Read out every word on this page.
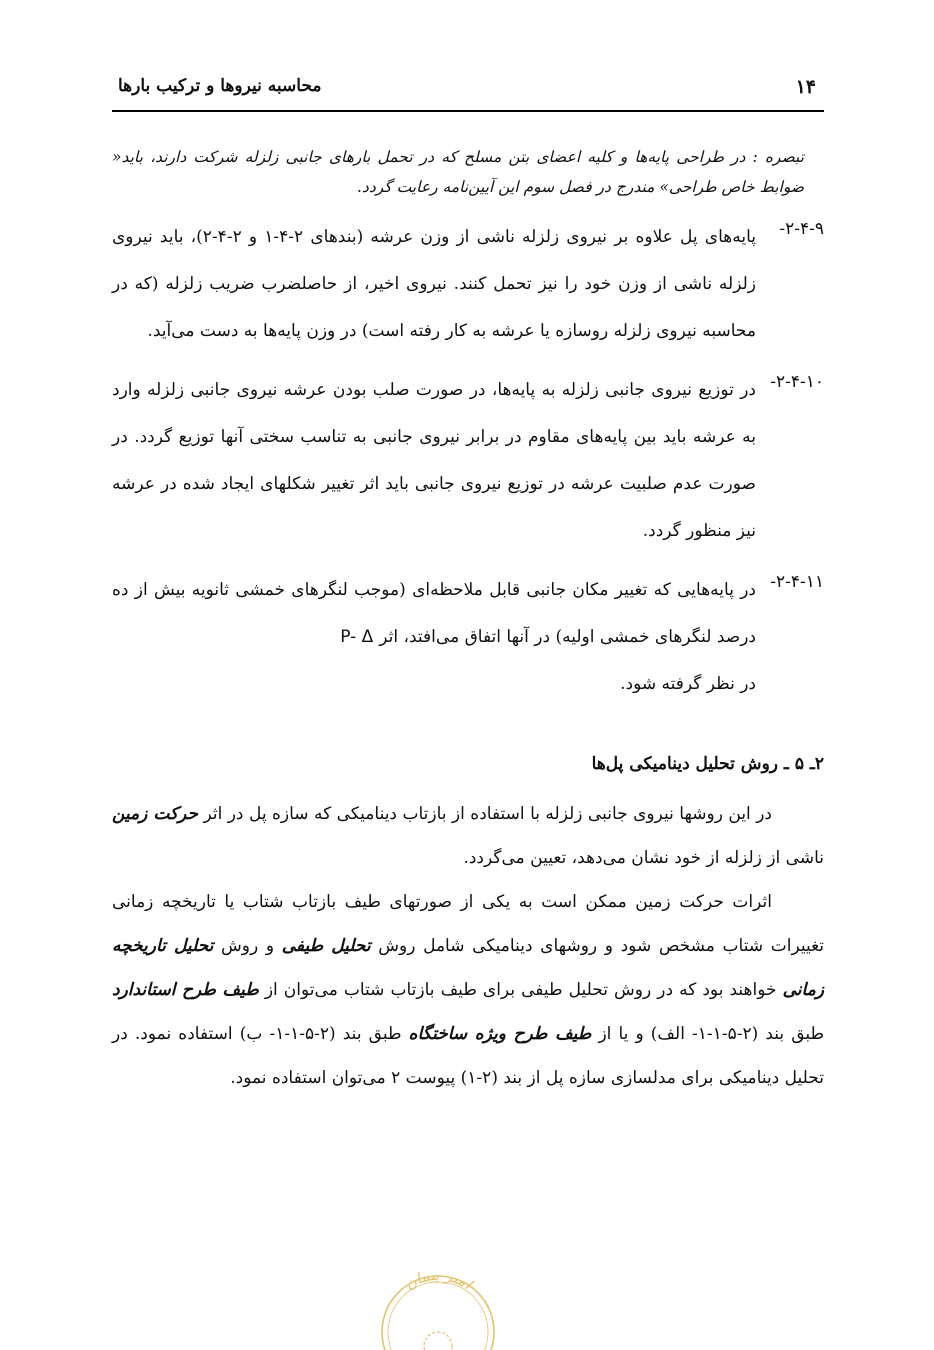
۱۴
محاسبه نیروها و ترکیب بارها

تبصره : در طراحی پایه‌ها و کلیه اعضای بتن مسلح که در تحمل بارهای جانبی زلزله شرکت دارند، باید« ضوابط خاص طراحی» مندرج در فصل سوم این آیین‌نامه رعایت گردد.

۲-۴-۹-
پایه‌های پل علاوه بر نیروی زلزله ناشی از وزن عرشه (بندهای ۲-۴-۱ و ۲-۴-۲)، باید نیروی زلزله ناشی از وزن خود را نیز تحمل کنند. نیروی اخیر، از حاصلضرب ضریب زلزله (که در محاسبه نیروی زلزله روسازه یا عرشه به کار رفته است) در وزن پایه‌ها به دست می‌آید.
۲-۴-۱۰-
در توزیع نیروی جانبی زلزله به پایه‌ها، در صورت صلب بودن عرشه نیروی جانبی زلزله وارد به عرشه باید بین پایه‌های مقاوم در برابر نیروی جانبی به تناسب سختی آنها توزیع گردد. در صورت عدم صلبیت عرشه در توزیع نیروی جانبی باید اثر تغییر شکلهای ایجاد شده در عرشه نیز منظور گردد.
۲-۴-۱۱-
در پایه‌هایی که تغییر مکان جانبی قابل ملاحظه‌ای (موجب لنگرهای خمشی ثانویه بیش از ده درصد لنگرهای خمشی اولیه) در آنها اتفاق می‌افتد، اثرP- Δ
در نظر گرفته شود.
۲ـ ۵ ـ روش تحلیل دینامیکی پل‌ها

در این روشها نیروی جانبی زلزله با استفاده از بازتاب دینامیکی که سازه پل در اثر حرکت زمین ناشی از زلزله از خود نشان می‌دهد، تعیین می‌گردد.

اثرات حرکت زمین ممکن است به یکی از صورتهای طیف بازتاب شتاب یا تاریخچه زمانی تغییرات شتاب مشخص شود و روشهای دینامیکی شامل روش تحلیل طیفی و روش تحلیل تاریخچه زمانی خواهند بود که در روش تحلیل طیفی برای طیف بازتاب شتاب می‌توان از طیف طرح استاندارد طبق بند (۲-۵-۱-۱- الف) و یا از طیف طرح ویژه ساختگاه طبق بند (۲-۵-۱-۱- ب) استفاده نمود. در تحلیل دینامیکی برای مدلسازی سازه پل از بند (۲-۱) پیوست ۲ می‌توان استفاده نمود.

امیر پیمان
